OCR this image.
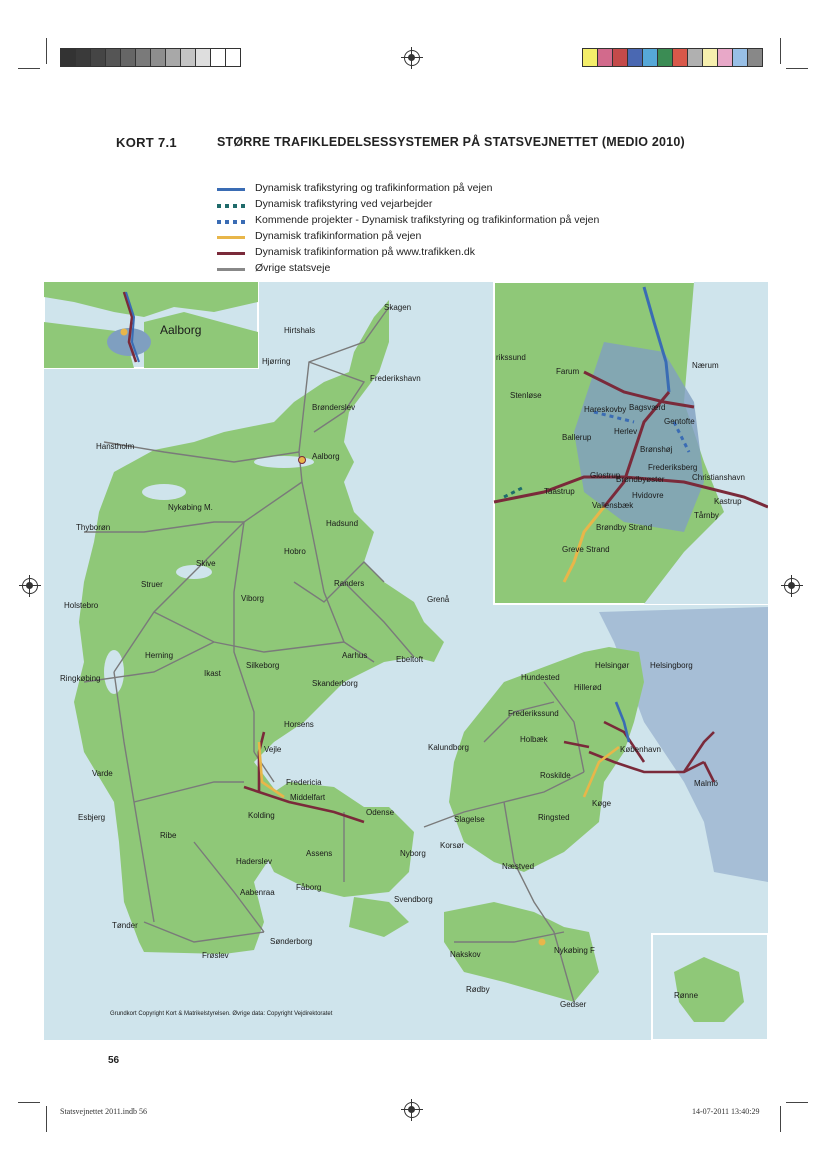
KORT 7.1	STØRRE TRAFIKLEDELSESSYSTEMER PÅ STATSVEJNETTET (MEDIO 2010)
Dynamisk trafikstyring og trafikinformation på vejen
Dynamisk trafikstyring ved vejarbejder
Kommende projekter - Dynamisk trafikstyring og trafikinformation på vejen
Dynamisk trafikinformation på vejen
Dynamisk trafikinformation på www.trafikken.dk
Øvrige statsveje
Aalborg
Farum
Nærum
Stenløse
Hareskovby Bagsværd
Gentofte
Ballerup
Herlev
Brønshøj
Frederiksberg
Christianshavn
Glostrup
Brøndbyøster
Taastrup	Hvidovre
Kastrup
Vallensbæk
Tårnby
Brøndby Strand
Greve Strand
rikssund
Rønne
Skagen
Hirtshals
Hjørring
Frederikshavn
Brønderslev
Hanstholm
Aalborg
Nykøbing M.
Thyborøn	Hadsund
Hobro
Skive
Struer	Randers
Grenå
Holstebro
Viborg
Herning
Silkeborg
Aarhus	Ebeltoft
Ringkøbing
Ikast
Skanderborg
Horsens
Vejle
Varde
Fredericia
Middelfart
Esbjerg	Kolding	Odense
Ribe
Assens
Haderslev
Aabenraa
Fåborg
Svendborg
Tønder
Sønderborg
Frøslev
Hundested
Helsingør	Helsingborg
Hillerød
Frederikssund
Holbæk
København
Kalundborg
Roskilde
Malmö
Køge
Slagelse	Ringsted
Korsør
Nyborg
Næstved
Nakskov	Nykøbing F
Rødby
Gedser
Grundkort Copyright Kort & Matrikelstyrelsen. Øvrige data: Copyright Vejdirektoratet
56
Statsvejnettet 2011.indb 56	14-07-2011 13:40:29
